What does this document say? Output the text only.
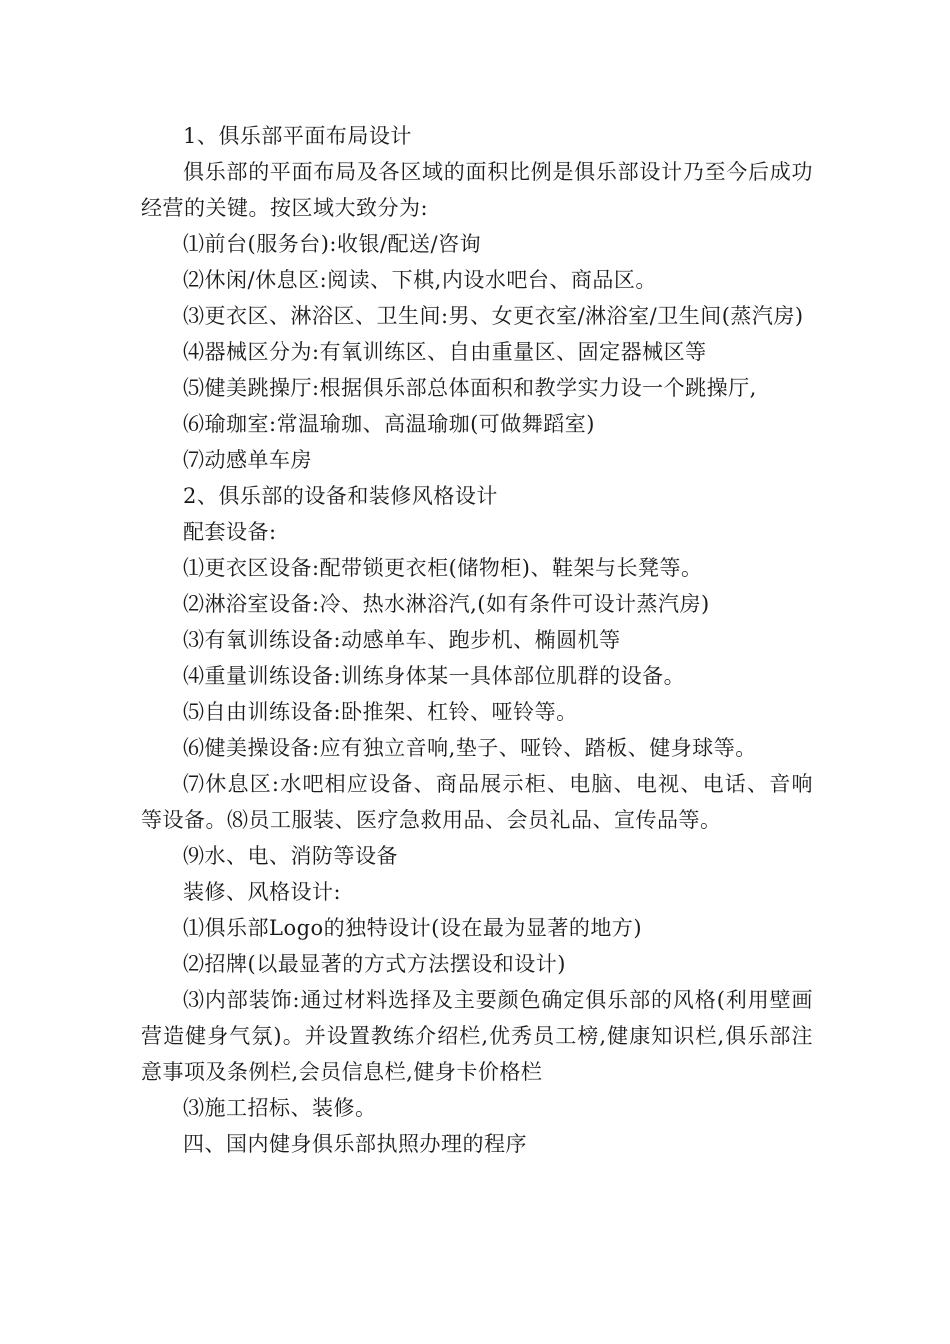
1、俱乐部平面布局设计

俱乐部的平面布局及各区域的面积比例是俱乐部设计乃至今后成功经营的关键。按区域大致分为:

⑴前台(服务台):收银/配送/咨询

⑵休闲/休息区:阅读、下棋,内设水吧台、商品区。

⑶更衣区、淋浴区、卫生间:男、女更衣室/淋浴室/卫生间(蒸汽房)

⑷器械区分为:有氧训练区、自由重量区、固定器械区等

⑸健美跳操厅:根据俱乐部总体面积和教学实力设一个跳操厅,

⑹瑜珈室:常温瑜珈、高温瑜珈(可做舞蹈室)

⑺动感单车房

2、俱乐部的设备和装修风格设计

配套设备:

⑴更衣区设备:配带锁更衣柜(储物柜)、鞋架与长凳等。

⑵淋浴室设备:冷、热水淋浴汽,(如有条件可设计蒸汽房)

⑶有氧训练设备:动感单车、跑步机、椭圆机等

⑷重量训练设备:训练身体某一具体部位肌群的设备。

⑸自由训练设备:卧推架、杠铃、哑铃等。

⑹健美操设备:应有独立音响,垫子、哑铃、踏板、健身球等。

⑺休息区:水吧相应设备、商品展示柜、电脑、电视、电话、音响等设备。⑻员工服装、医疗急救用品、会员礼品、宣传品等。

⑼水、电、消防等设备

装修、风格设计:

⑴俱乐部Logo的独特设计(设在最为显著的地方)

⑵招牌(以最显著的方式方法摆设和设计)

⑶内部装饰:通过材料选择及主要颜色确定俱乐部的风格(利用壁画营造健身气氛)。并设置教练介绍栏,优秀员工榜,健康知识栏,俱乐部注意事项及条例栏,会员信息栏,健身卡价格栏

⑶施工招标、装修。

四、国内健身俱乐部执照办理的程序
